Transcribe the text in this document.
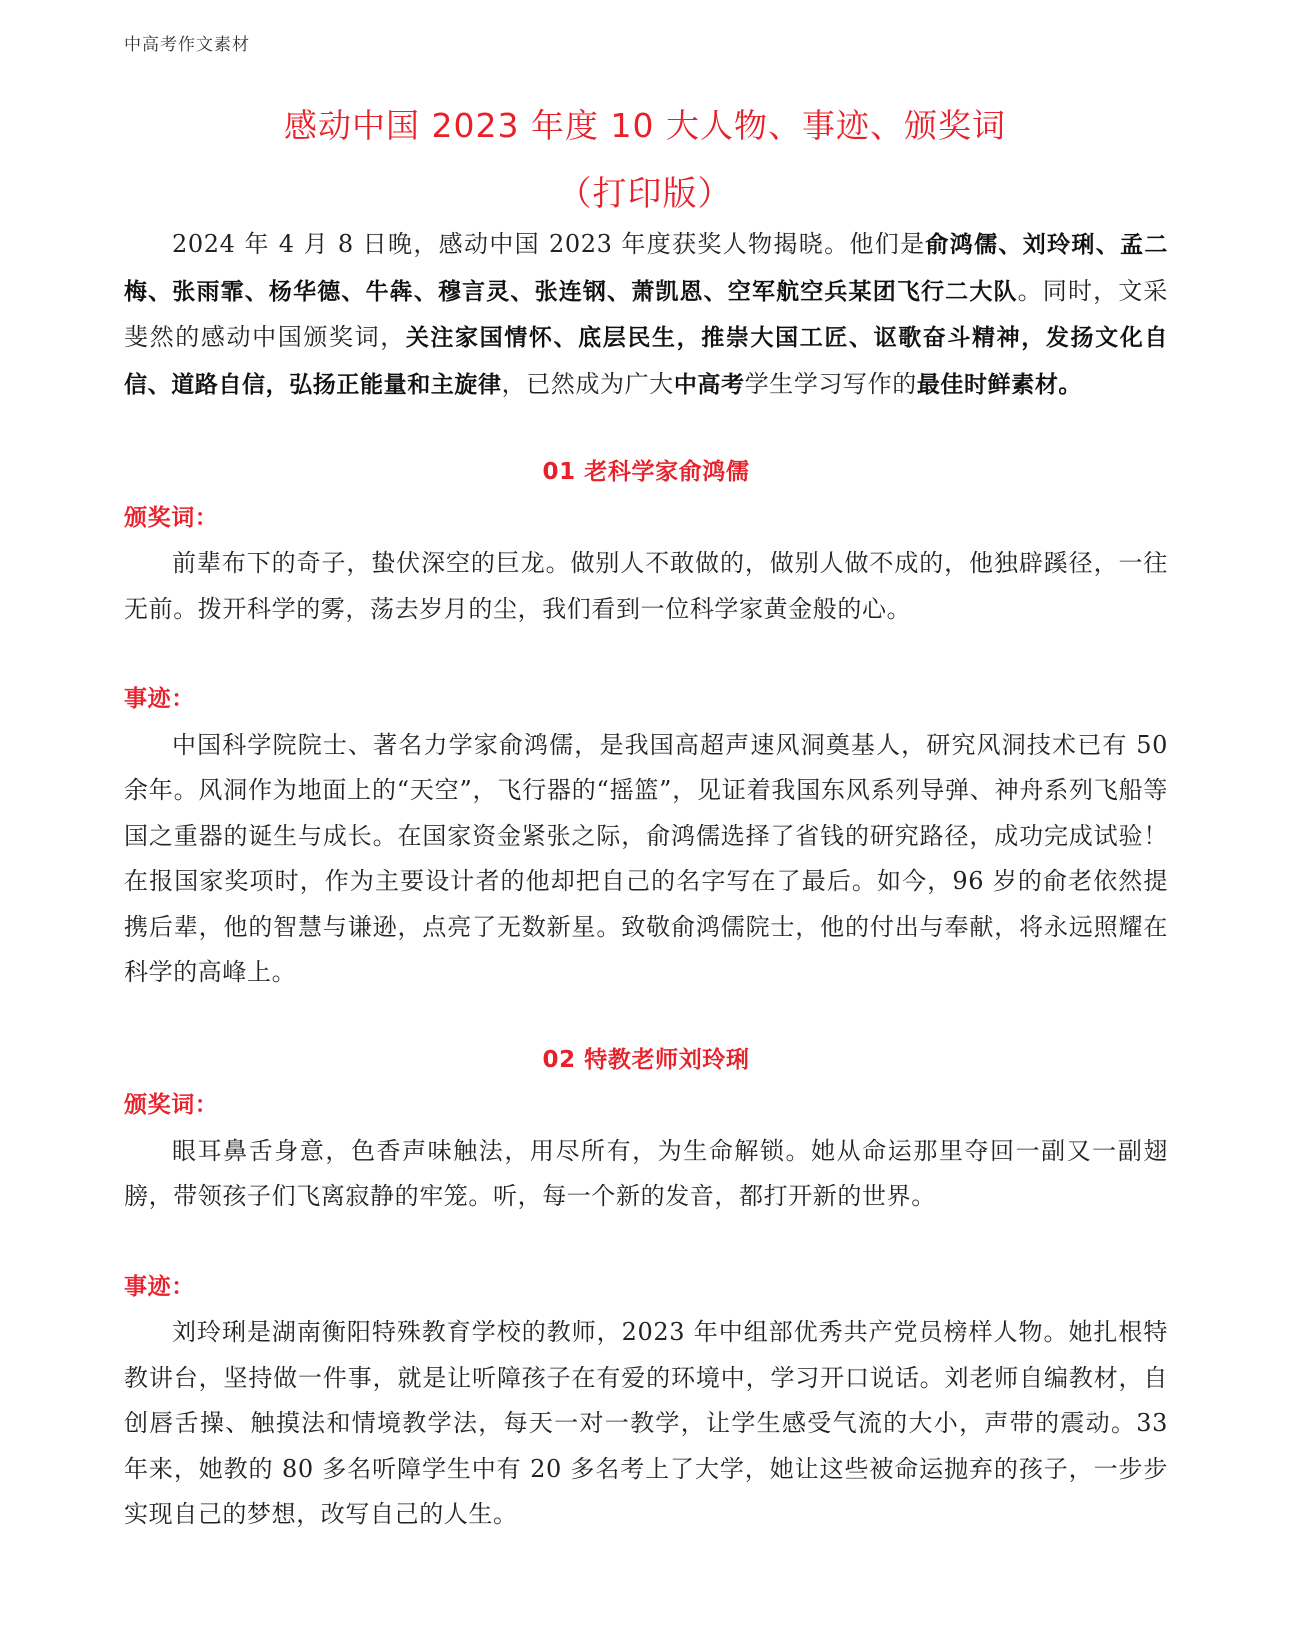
中高考作文素材
感动中国 2023 年度 10 大人物、事迹、颁奖词
（打印版）

2024 年 4 月 8 日晚，感动中国 2023 年度获奖人物揭晓。他们是俞鸿儒、刘玲琍、孟二梅、张雨霏、杨华德、牛犇、穆言灵、张连钢、萧凯恩、空军航空兵某团飞行二大队。同时，文采斐然的感动中国颁奖词，关注家国情怀、底层民生，推崇大国工匠、讴歌奋斗精神，发扬文化自信、道路自信，弘扬正能量和主旋律，已然成为广大中高考学生学习写作的最佳时鲜素材。

01 老科学家俞鸿儒
颁奖词：

前辈布下的奇子，蛰伏深空的巨龙。做别人不敢做的，做别人做不成的，他独辟蹊径，一往无前。拨开科学的雾，荡去岁月的尘，我们看到一位科学家黄金般的心。

事迹：

中国科学院院士、著名力学家俞鸿儒，是我国高超声速风洞奠基人，研究风洞技术已有 50 余年。风洞作为地面上的“天空”，飞行器的“摇篮”，见证着我国东风系列导弹、神舟系列飞船等国之重器的诞生与成长。在国家资金紧张之际，俞鸿儒选择了省钱的研究路径，成功完成试验！在报国家奖项时，作为主要设计者的他却把自己的名字写在了最后。如今，96 岁的俞老依然提携后辈，他的智慧与谦逊，点亮了无数新星。致敬俞鸿儒院士，他的付出与奉献，将永远照耀在科学的高峰上。

02 特教老师刘玲琍
颁奖词：

眼耳鼻舌身意，色香声味触法，用尽所有，为生命解锁。她从命运那里夺回一副又一副翅膀，带领孩子们飞离寂静的牢笼。听，每一个新的发音，都打开新的世界。

事迹：

刘玲琍是湖南衡阳特殊教育学校的教师，2023 年中组部优秀共产党员榜样人物。她扎根特教讲台，坚持做一件事，就是让听障孩子在有爱的环境中，学习开口说话。刘老师自编教材，自创唇舌操、触摸法和情境教学法，每天一对一教学，让学生感受气流的大小，声带的震动。33 年来，她教的 80 多名听障学生中有 20 多名考上了大学，她让这些被命运抛弃的孩子，一步步实现自己的梦想，改写自己的人生。
